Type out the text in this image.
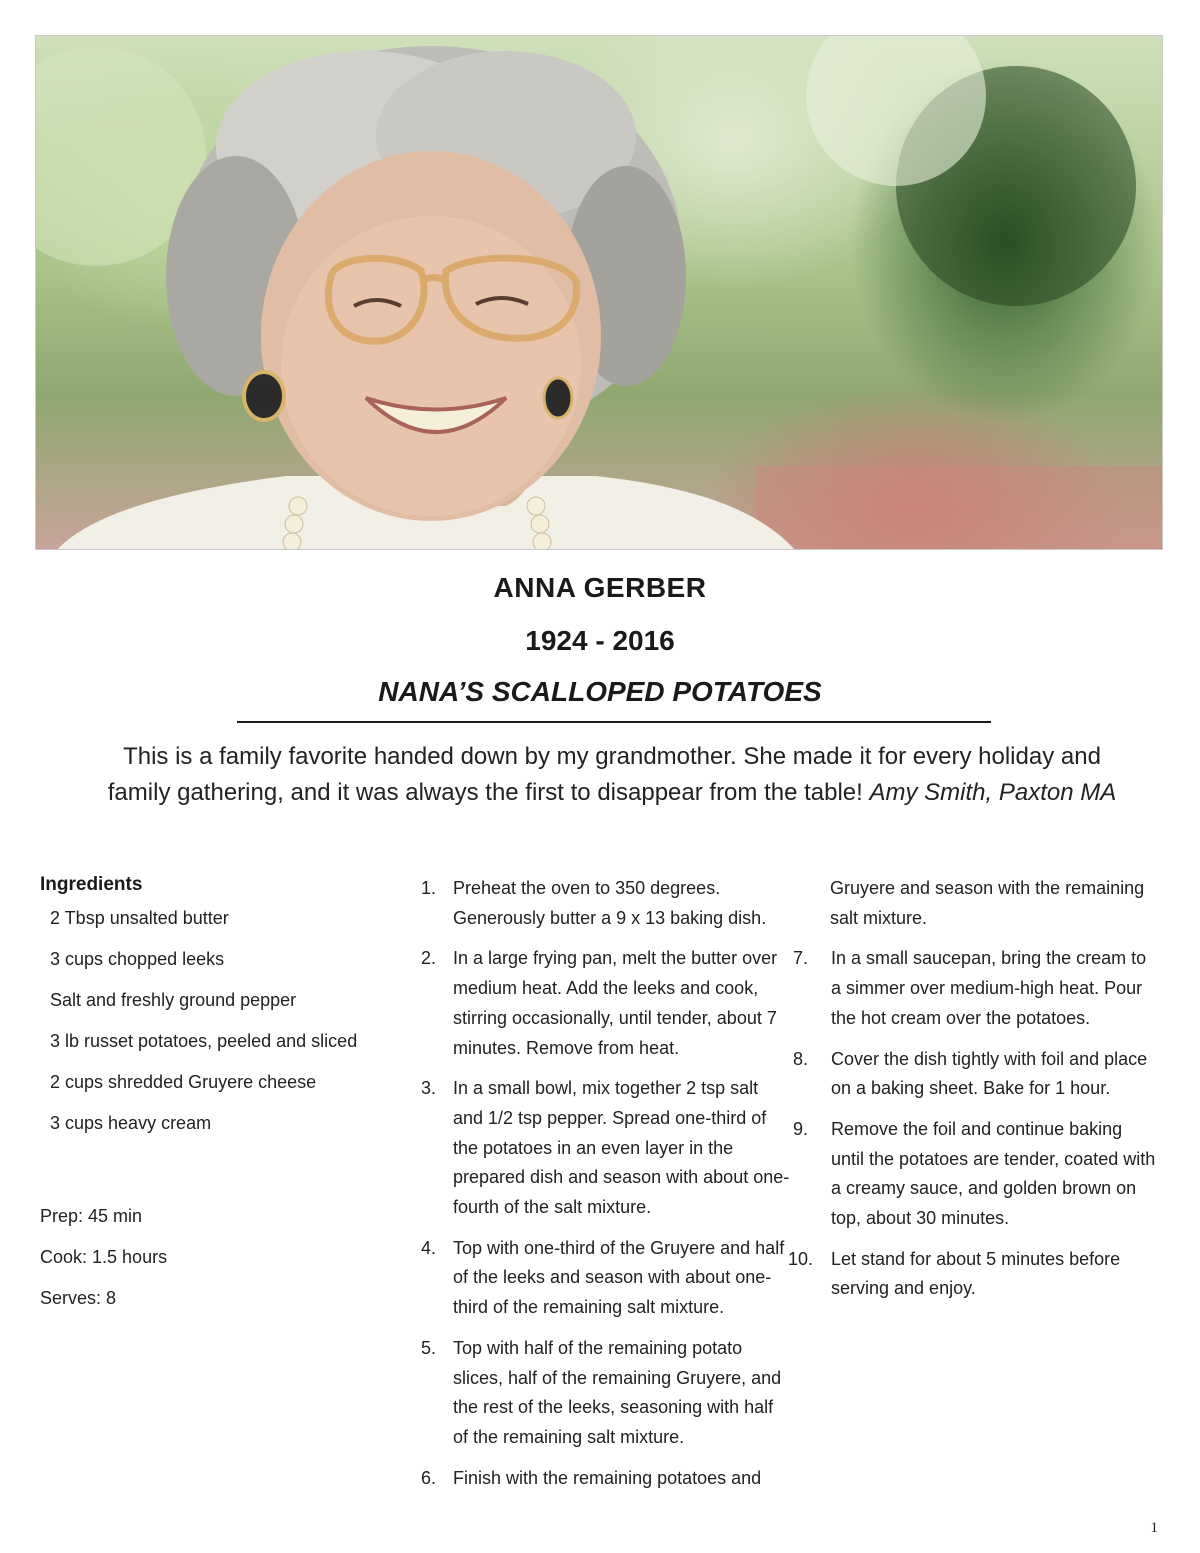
ANNA GERBER
1924 - 2016
NANA’S SCALLOPED POTATOES

This is a family favorite handed down by my grandmother. She made it for every holiday and family gathering, and it was always the first to disappear from the table! Amy Smith, Paxton MA

Ingredients
2 Tbsp unsalted butter
3 cups chopped leeks
Salt and freshly ground pepper
3 lb russet potatoes, peeled and sliced
2 cups shredded Gruyere cheese
3 cups heavy cream
Prep: 45 min
Cook: 1.5 hours
Serves: 8
1. Preheat the oven to 350 degrees. Generously butter a 9 x 13 baking dish.
2. In a large frying pan, melt the butter over medium heat. Add the leeks and cook, stirring occasionally, until tender, about 7 minutes. Remove from heat.
3. In a small bowl, mix together 2 tsp salt and 1/2 tsp pepper. Spread one-third of the potatoes in an even layer in the prepared dish and season with about one-fourth of the salt mixture.
4. Top with one-third of the Gruyere and half of the leeks and season with about one-third of the remaining salt mixture.
5. Top with half of the remaining potato slices, half of the remaining Gruyere, and the rest of the leeks, seasoning with half of the remaining salt mixture.
6. Finish with the remaining potatoes and
Gruyere and season with the remaining salt mixture.
7. In a small saucepan, bring the cream to a simmer over medium-high heat. Pour the hot cream over the potatoes.
8. Cover the dish tightly with foil and place on a baking sheet. Bake for 1 hour.
9. Remove the foil and continue baking until the potatoes are tender, coated with a creamy sauce, and golden brown on top, about 30 minutes.
10. Let stand for about 5 minutes before serving and enjoy.
1
